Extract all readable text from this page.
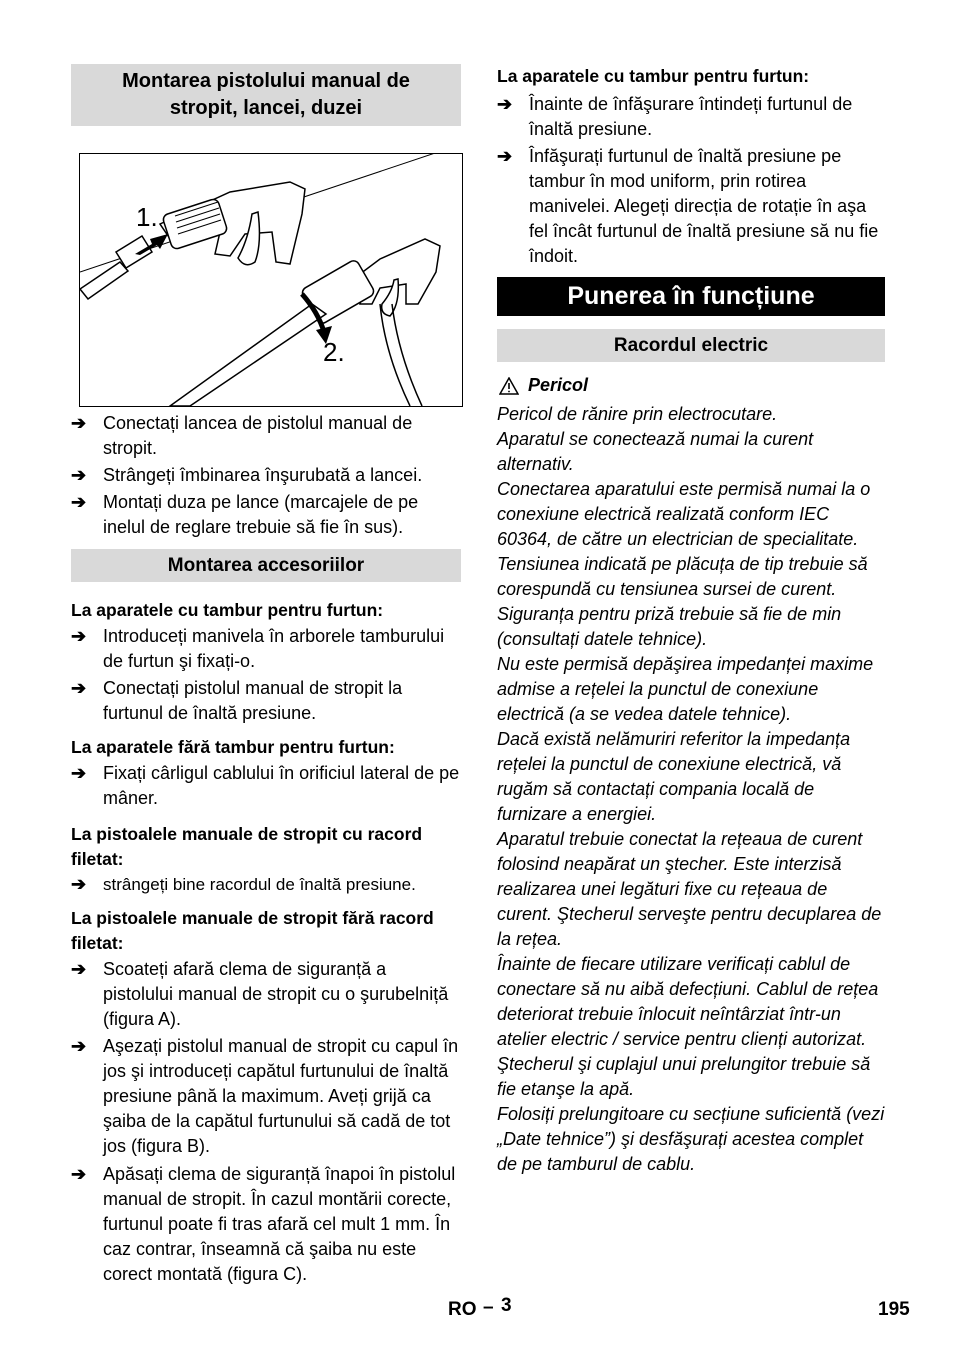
Montarea pistolului manual de stropit, lancei, duzei
1.
2.
➔ Conectați lancea de pistolul manual de stropit.
➔ Strângeți îmbinarea înşurubată a lancei.
➔ Montați duza pe lance (marcajele de pe inelul de reglare trebuie să fie în sus).
Montarea accesoriilor
La aparatele cu tambur pentru furtun:
➔ Introduceți manivela în arborele tamburului de furtun şi fixați-o.
➔ Conectați pistolul manual de stropit la furtunul de înaltă presiune.
La aparatele fără tambur pentru furtun:
➔ Fixați cârligul cablului în orificiul lateral de pe mâner.
La pistoalele manuale de stropit cu racord filetat:
➔ strângeți bine racordul de înaltă presiune.
La pistoalele manuale de stropit fără racord filetat:
➔ Scoateți afară clema de siguranță a pistolului manual de stropit cu o şurubelniță (figura A).
➔ Aşezați pistolul manual de stropit cu capul în jos şi introduceți capătul furtunului de înaltă presiune până la maximum. Aveți grijă ca şaiba de la capătul furtunului să cadă de tot jos (figura B).
➔ Apăsați clema de siguranță înapoi în pistolul manual de stropit. În cazul montării corecte, furtunul poate fi tras afară cel mult 1 mm. În caz contrar, înseamnă că şaiba nu este corect montată (figura C).
La aparatele cu tambur pentru furtun:
➔ Înainte de înfăşurare întindeți furtunul de înaltă presiune.
➔ Înfăşurați furtunul de înaltă presiune pe tambur în mod uniform, prin rotirea manivelei. Alegeți direcția de rotație în aşa fel încât furtunul de înaltă presiune să nu fie îndoit.
Punerea în funcțiune
Racordul electric
Pericol
Pericol de rănire prin electrocutare.
Aparatul se conectează numai la curent alternativ.
Conectarea aparatului este permisă numai la o conexiune electrică realizată conform IEC 60364, de către un electrician de specialitate.
Tensiunea indicată pe plăcuța de tip trebuie să corespundă cu tensiunea sursei de curent.
Siguranța pentru priză trebuie să fie de min (consultați datele tehnice).
Nu este permisă depăşirea impedanței maxime admise a rețelei la punctul de conexiune electrică (a se vedea datele tehnice).
Dacă există nelămuriri referitor la impedanța rețelei la punctul de conexiune electrică, vă rugăm să contactați compania locală de furnizare a energiei.
Aparatul trebuie conectat la rețeaua de curent folosind neapărat un ştecher. Este interzisă realizarea unei legături fixe cu rețeaua de curent. Ştecherul serveşte pentru decuplarea de la rețea.
Înainte de fiecare utilizare verificați cablul de conectare să nu aibă defecțiuni. Cablul de rețea deteriorat trebuie înlocuit neîntârziat într-un atelier electric / service pentru clienți autorizat.
Ştecherul şi cuplajul unui prelungitor trebuie să fie etanşe la apă.
Folosiți prelungitoare cu secțiune suficientă (vezi „Date tehnice”) şi desfăşurați acestea complet de pe tamburul de cablu.
RO – 3	195
